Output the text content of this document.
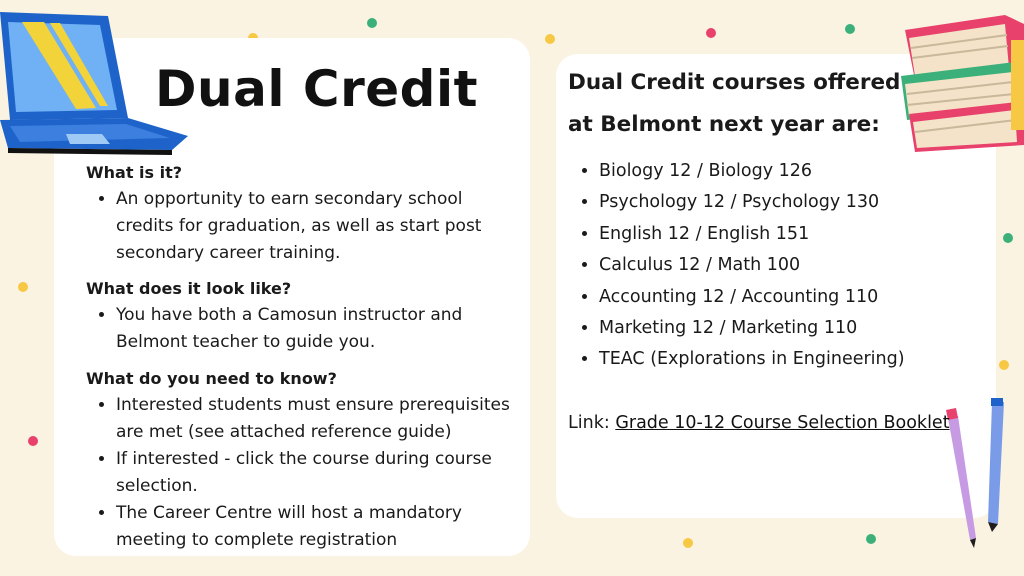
Dual Credit

What is it?

• An opportunity to earn secondary school credits for graduation, as well as start post secondary career training.

What does it look like?

• You have both a Camosun instructor and Belmont teacher to guide you.

What do you need to know?

• Interested students must ensure prerequisites are met (see attached reference guide)
• If interested - click the course during course selection.
• The Career Centre will host a mandatory meeting to complete registration

Dual Credit courses offered
at Belmont next year are:

• Biology 12 / Biology 126
• Psychology 12 / Psychology 130
• English 12 / English 151
• Calculus 12 / Math 100
• Accounting 12 / Accounting 110
• Marketing 12 / Marketing 110
• TEAC (Explorations in Engineering)
Link: Grade 10-12 Course Selection Booklet
